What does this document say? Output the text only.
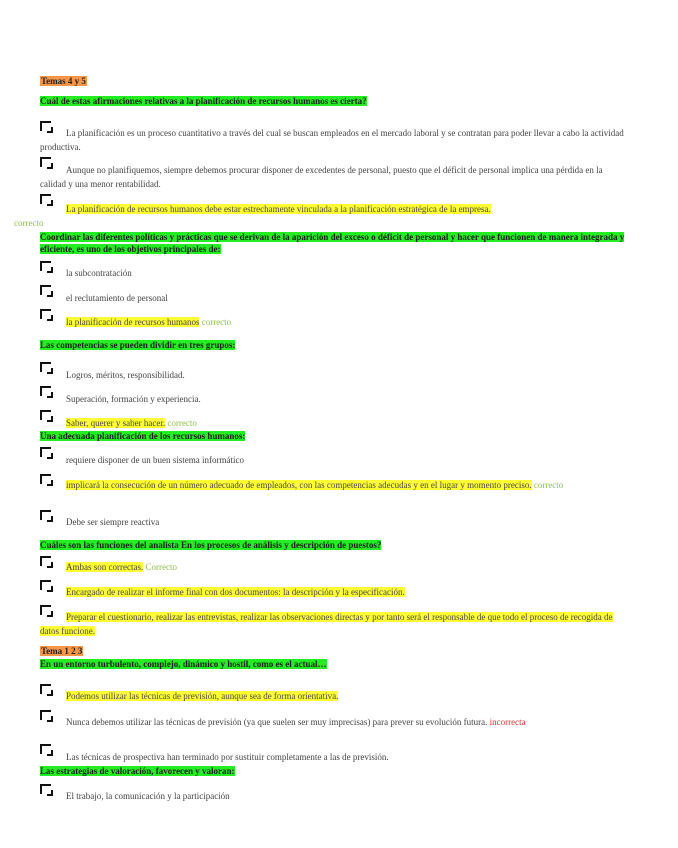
Temas 4 y 5
Cuál de estas afirmaciones relativas a la planificación de recursos humanos es cierta?
La planificación es un proceso cuantitativo a través del cual se buscan empleados en el mercado laboral y se contratan para poder llevar a cabo la actividad productiva.
Aunque no planifiquemos, siempre debemos procurar disponer de excedentes de personal, puesto que el déficit de personal implica una pérdida en la calidad y una menor rentabilidad.
La planificación de recursos humanos debe estar estrechamente vinculada a la planificación estratégica de la empresa.
correcto
Coordinar las diferentes políticas y prácticas que se derivan de la aparición del exceso o déficit de personal y hacer que funcionen de manera integrada y eficiente, es uno de los objetivos principales de:
la subcontratación
el reclutamiento de personal
la planificación de recursos humanos correcto
Las competencias se pueden dividir en tres grupos:
Logros, méritos, responsibilidad.
Superación, formación y experiencia.
Saber, querer y saber hacer. correcto
Una adecuada planificación de los recursos humanos:
requiere disponer de un buen sistema informático
implicará la consecución de un número adecuado de empleados, con las competencias adecudas y en el lugar y momento preciso. correcto
Debe ser siempre reactiva
Cuáles son las funciones del analista En los procesos de análisis y descripción de puestos?
Ambas son correctas. Correcto
Encargado de realizar el informe final con dos documentos: la descripción y la especificación.
Preparar el cuestionario, realizar las entrevistas, realizar las observaciones directas y por tanto será el responsable de que todo el proceso de recogida de datos funcione.
Tema 1 2 3
En un entorno turbulento, complejo, dinámico y hostil, como es el actual…
Podemos utilizar las técnicas de previsión, aunque sea de forma orientativa.
Nunca debemos utilizar las técnicas de previsión (ya que suelen ser muy imprecisas) para prever su evolución futura. incorrecta
Las técnicas de prospectiva han terminado por sustituir completamente a las de previsión.
Las estrategias de valoración, favorecen y valoran:
El trabajo, la comunicación y la participación
